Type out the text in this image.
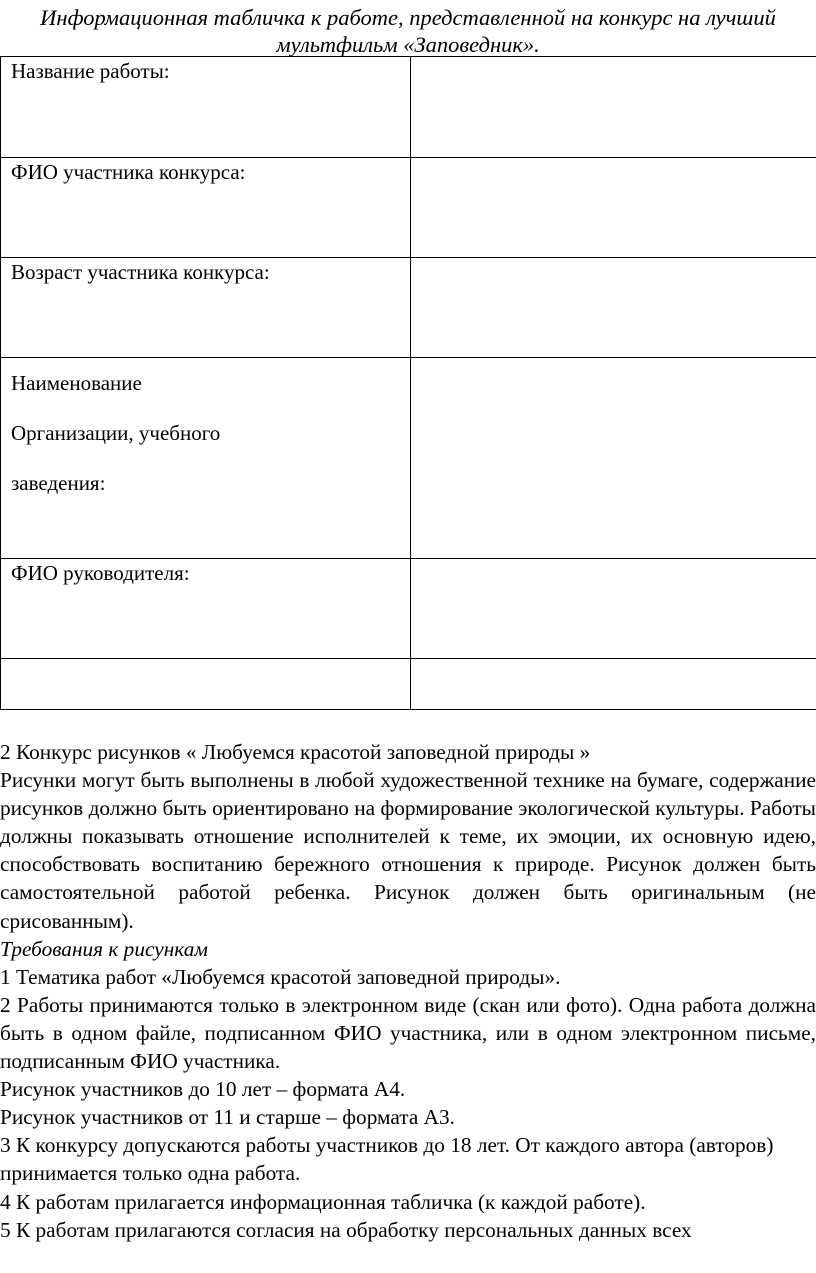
Информационная табличка к работе, представленной на конкурс на лучший
мультфильм «Заповедник».
Название работы:	
ФИО участника конкурса:	
Возраст участника конкурса:	

Наименование
Организации, учебного
заведения:	

ФИО руководителя:	

2 Конкурс рисунков « Любуемся красотой заповедной природы »

Рисунки могут быть выполнены в любой художественной технике на бумаге, содержание рисунков должно быть ориентировано на формирование экологической культуры. Работы должны показывать отношение исполнителей к теме, их эмоции, их основную идею, способствовать воспитанию бережного отношения к природе. Рисунок должен быть самостоятельной работой ребенка. Рисунок должен быть оригинальным (не срисованным).

Требования к рисункам

1 Тематика работ «Любуемся красотой заповедной природы».

2 Работы принимаются только в электронном виде (скан или фото). Одна работа должна быть в одном файле, подписанном ФИО участника, или в одном электронном письме, подписанным ФИО участника.

Рисунок участников до 10 лет – формата А4.

Рисунок участников от 11 и старше – формата А3.

3 К конкурсу допускаются работы участников до 18 лет. От каждого автора (авторов) принимается только одна работа.

4 К работам прилагается информационная табличка (к каждой работе).

5 К работам прилагаются согласия на обработку персональных данных всех
